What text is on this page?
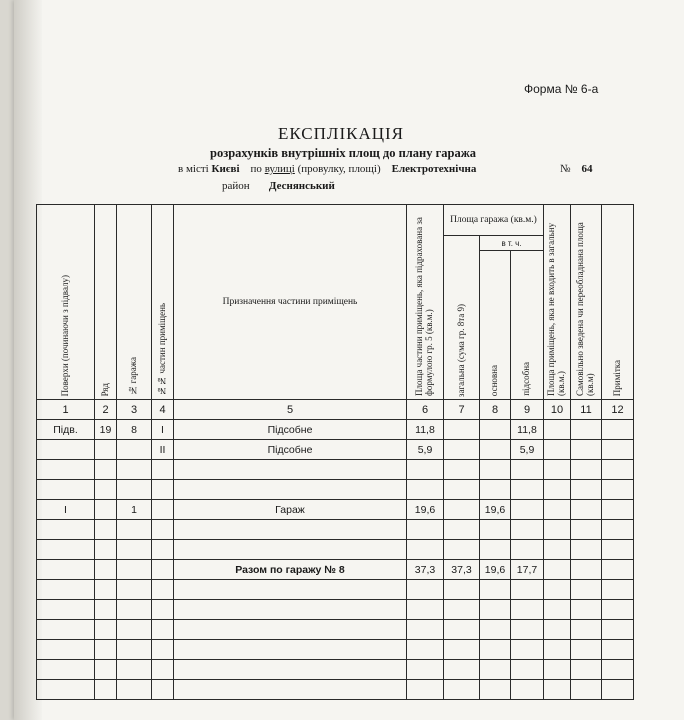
Форма № 6-а
ЕКСПЛІКАЦІЯ
розрахунків внутрішніх площ до плану гаража
в місті Києві по вулиці (провулку, площі) Електротехнічна	№ 64
район Деснянський
Поверхи (починаючи з підвалу)	Ряд	№ гаража	№№ частин приміщень	Призначення частини приміщень	Площа частини приміщень, яка підрахована за формулою гр. 5 (кв.м.)	Площа гаража (кв.м.)			Площа приміщень, яка не входить в загальну (кв.м.)	Самовільно зведена чи переобладнана площа (кв.м)	Примітка
						загальна (сума гр. 8та 9)	в т. ч.				
							основна	підсобна			
1	2	3	4	5	6	7	8	9	10	11	12
Підв.	19	8	I	Підсобне	11,8			11,8			
			II	Підсобне	5,9			5,9			

I		1		Гараж	19,6		19,6				

				Разом по гаражу № 8	37,3	37,3	19,6	17,7			
